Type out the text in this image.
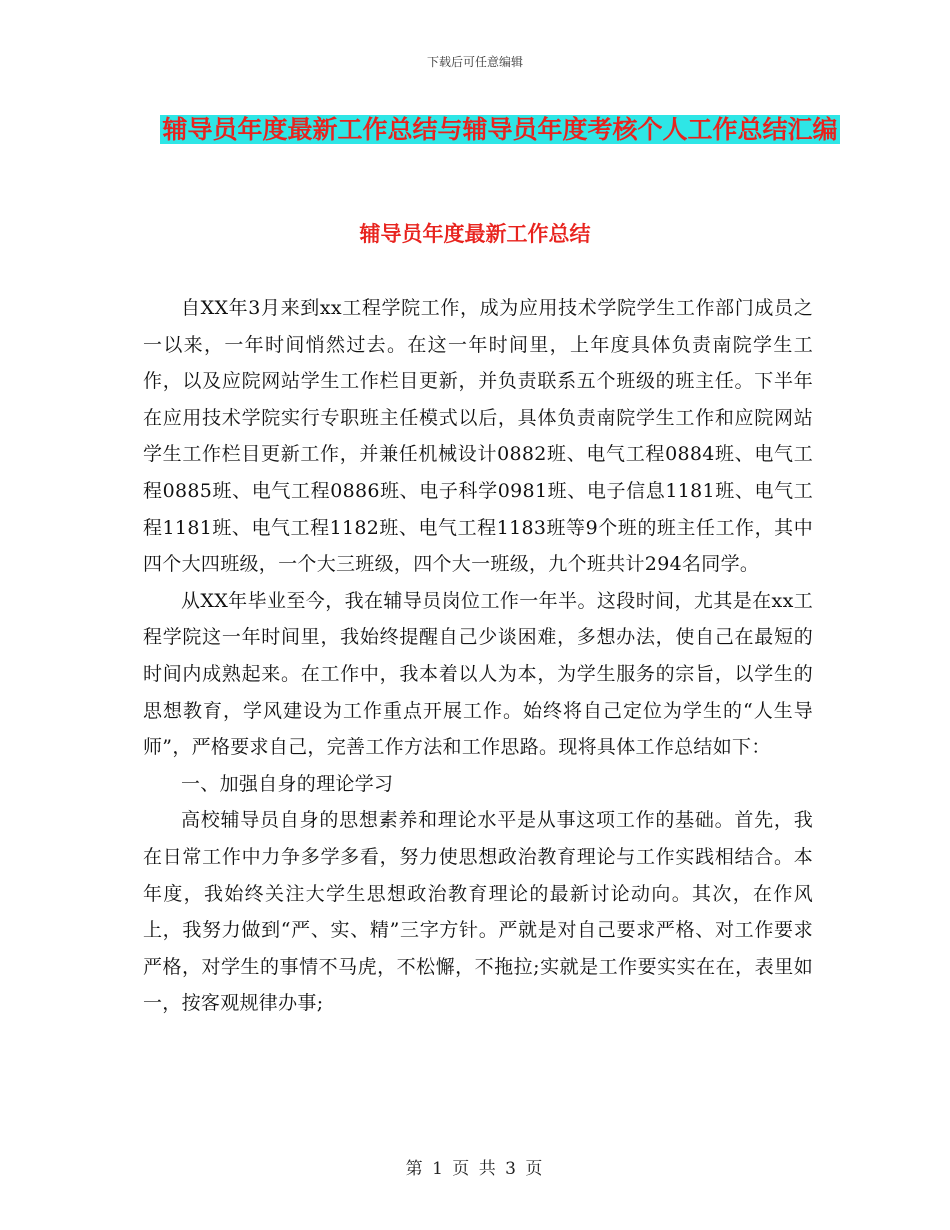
下载后可任意编辑
辅导员年度最新工作总结与辅导员年度考核个人工作总结汇编
辅导员年度最新工作总结

自XX年3月来到xx工程学院工作，成为应用技术学院学生工作部门成员之一以来，一年时间悄然过去。在这一年时间里，上年度具体负责南院学生工作，以及应院网站学生工作栏目更新，并负责联系五个班级的班主任。下半年在应用技术学院实行专职班主任模式以后，具体负责南院学生工作和应院网站学生工作栏目更新工作，并兼任机械设计0882班、电气工程0884班、电气工程0885班、电气工程0886班、电子科学0981班、电子信息1181班、电气工程1181班、电气工程1182班、电气工程1183班等9个班的班主任工作，其中四个大四班级，一个大三班级，四个大一班级，九个班共计294名同学。

从XX年毕业至今，我在辅导员岗位工作一年半。这段时间，尤其是在xx工程学院这一年时间里，我始终提醒自己少谈困难，多想办法，使自己在最短的时间内成熟起来。在工作中，我本着以人为本，为学生服务的宗旨，以学生的思想教育，学风建设为工作重点开展工作。始终将自己定位为学生的“人生导师”，严格要求自己，完善工作方法和工作思路。现将具体工作总结如下：

一、加强自身的理论学习

高校辅导员自身的思想素养和理论水平是从事这项工作的基础。首先，我在日常工作中力争多学多看，努力使思想政治教育理论与工作实践相结合。本年度，我始终关注大学生思想政治教育理论的最新讨论动向。其次，在作风上，我努力做到“严、实、精”三字方针。严就是对自己要求严格、对工作要求严格，对学生的事情不马虎，不松懈，不拖拉;实就是工作要实实在在，表里如一，按客观规律办事;

第 1 页 共 3 页
